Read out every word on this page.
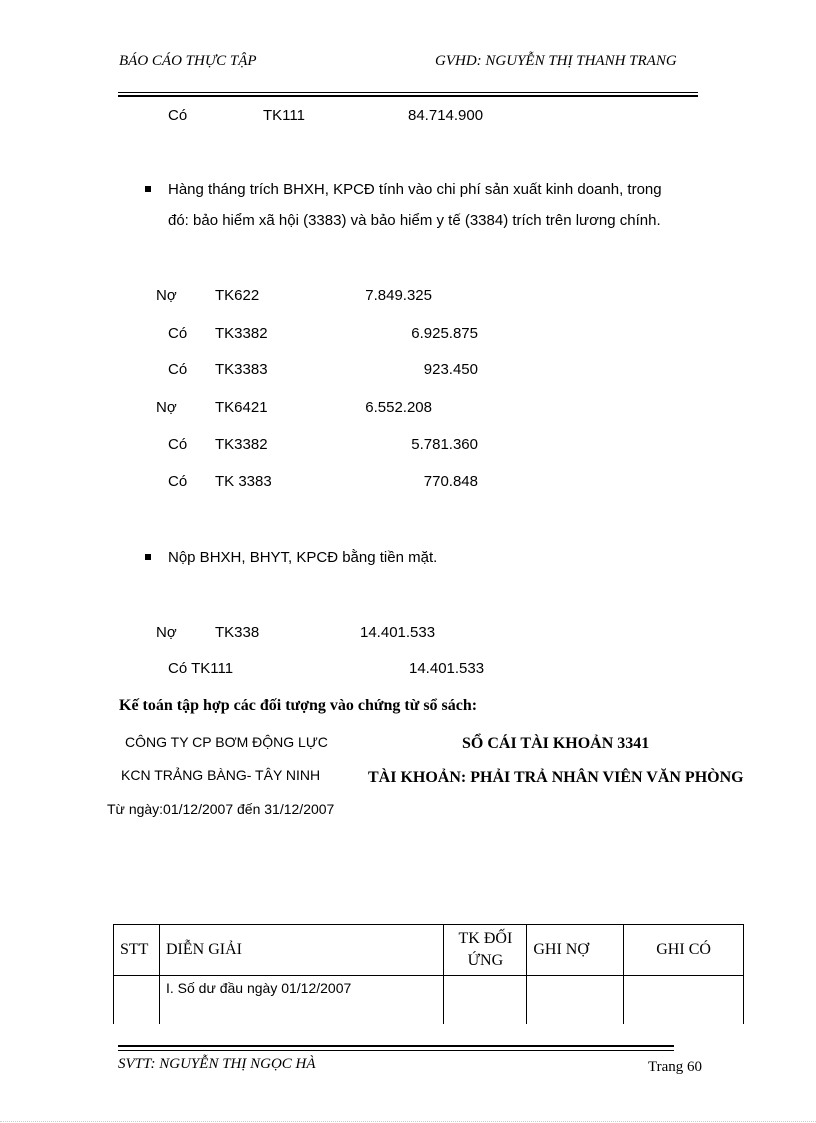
BÁO CÁO THỰC TẬP	GVHD: NGUYỄN THỊ THANH TRANG
Có	TK111	84.714.900
Hàng tháng trích BHXH, KPCĐ tính vào chi phí sản xuất kinh doanh, trong
đó: bảo hiểm xã hội (3383) và bảo hiểm y tế (3384) trích trên lương chính.
Nợ	TK622	7.849.325
Có TK3382	6.925.875
Có TK3383	923.450
Nợ	TK6421	6.552.208
Có TK3382	5.781.360
Có TK 3383	770.848
Nộp BHXH, BHYT, KPCĐ bằng tiền mặt.
Nợ	TK338	14.401.533
Có TK111	14.401.533
Kế toán tập hợp các đối tượng vào chứng từ sổ sách:
CÔNG TY CP BƠM ĐỘNG LỰC
KCN TRẢNG BÀNG- TÂY NINH
Từ ngày:01/12/2007 đến 31/12/2007
SỔ CÁI TÀI KHOẢN 3341
TÀI KHOẢN: PHẢI TRẢ NHÂN VIÊN VĂN PHÒNG
STT	DIỄN GIẢI	TK ĐỐI ỨNG	GHI NỢ	GHI CÓ
	I. Số dư đầu ngày 01/12/2007			
SVTT: NGUYỄN THỊ NGỌC HÀ	Trang 60
